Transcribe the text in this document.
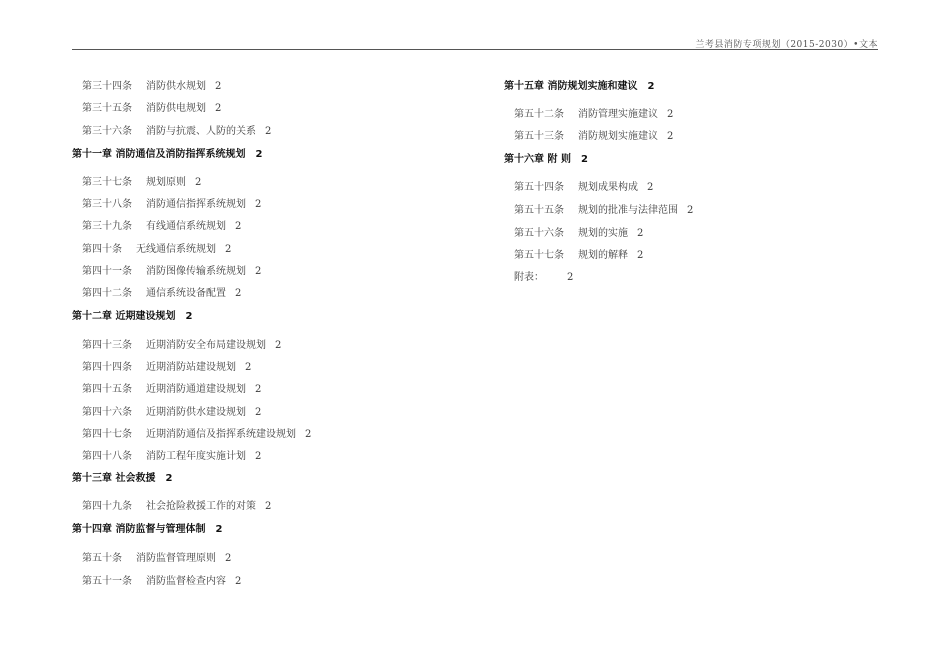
兰考县消防专项规划（2015-2030）•文本
第三十四条 消防供水规划 2
第三十五条 消防供电规划 2
第三十六条 消防与抗震、人防的关系 2
第十一章 消防通信及消防指挥系统规划 2
第三十七条 规划原则 2
第三十八条 消防通信指挥系统规划 2
第三十九条 有线通信系统规划 2
第四十条 无线通信系统规划 2
第四十一条 消防图像传输系统规划 2
第四十二条 通信系统设备配置 2
第十二章 近期建设规划 2
第四十三条 近期消防安全布局建设规划 2
第四十四条 近期消防站建设规划 2
第四十五条 近期消防通道建设规划 2
第四十六条 近期消防供水建设规划 2
第四十七条 近期消防通信及指挥系统建设规划 2
第四十八条 消防工程年度实施计划 2
第十三章 社会救援 2
第四十九条 社会抢险救援工作的对策 2
第十四章 消防监督与管理体制 2
第五十条 消防监督管理原则 2
第五十一条 消防监督检查内容 2
第十五章 消防规划实施和建议 2
第五十二条 消防管理实施建议 2
第五十三条 消防规划实施建议 2
第十六章 附 则 2
第五十四条 规划成果构成 2
第五十五条 规划的批准与法律范围 2
第五十六条 规划的实施 2
第五十七条 规划的解释 2
附表： 2
